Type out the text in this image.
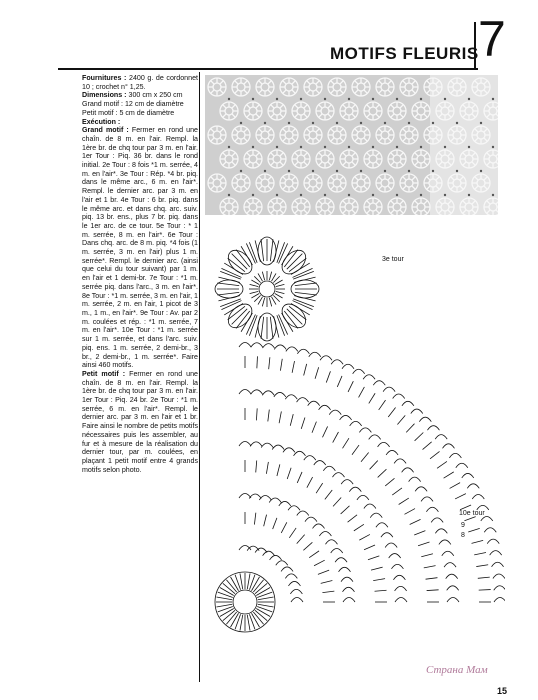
7
MOTIFS FLEURIS

Fournitures : 2400 g. de cordonnet 10 ; crochet n° 1,25.

Dimensions : 300 cm x 250 cm

Grand motif : 12 cm de diamètre

Petit motif : 5 cm de diamètre

Exécution :

Grand motif : Fermer en rond une chaîn. de 8 m. en l'air. Rempl. la 1ère br. de chq tour par 3 m. en l'air. 1er Tour : Piq. 36 br. dans le rond initial. 2e Tour : 8 fois *1 m. serrée, 4 m. en l'air*. 3e Tour : Rép. *4 br. piq. dans le même arc., 6 m. en l'air*. Rempl. le dernier arc. par 3 m. en l'air et 1 br. 4e Tour : 6 br. piq. dans le même arc. et dans chq. arc. suiv. piq. 13 br. ens., plus 7 br. piq. dans le 1er arc. de ce tour. 5e Tour : * 1 m. serrée, 8 m. en l'air*. 6e Tour : Dans chq. arc. de 8 m. piq. *4 fois (1 m. serrée, 3 m. en l'air) plus 1 m. serrée*. Rempl. le dernier arc. (ainsi que celui du tour suivant) par 1 m. en l'air et 1 demi-br. 7e Tour : *1 m. serrée piq. dans l'arc., 3 m. en l'air*. 8e Tour : *1 m. serrée, 3 m. en l'air, 1 m. serrée, 2 m. en l'air, 1 picot de 3 m., 1 m., en l'air*. 9e Tour : Av. par 2 m. coulées et rép. : *1 m. serrée, 7 m. en l'air*. 10e Tour : *1 m. serrée sur 1 m. serrée, et dans l'arc. suiv. piq. ens. 1 m. serrée, 2 demi-br., 3 br., 2 demi-br., 1 m. serrée*. Faire ainsi 460 motifs.

Petit motif : Fermer en rond une chaîn. de 8 m. en l'air. Rempl. la 1ère br. de chq tour par 3 m. en l'air. 1er Tour : Piq. 24 br. 2e Tour : *1 m. serrée, 6 m. en l'air*. Rempl. le dernier arc. par 3 m. en l'air et 1 br. Faire ainsi le nombre de petits motifs nécessaires puis les assembler, au fur et à mesure de la réalisation du dernier tour, par m. coulées, en plaçant 1 petit motif entre 4 grands motifs selon photo.

3e tour
10e tour
9
8
Страна Мам
15
